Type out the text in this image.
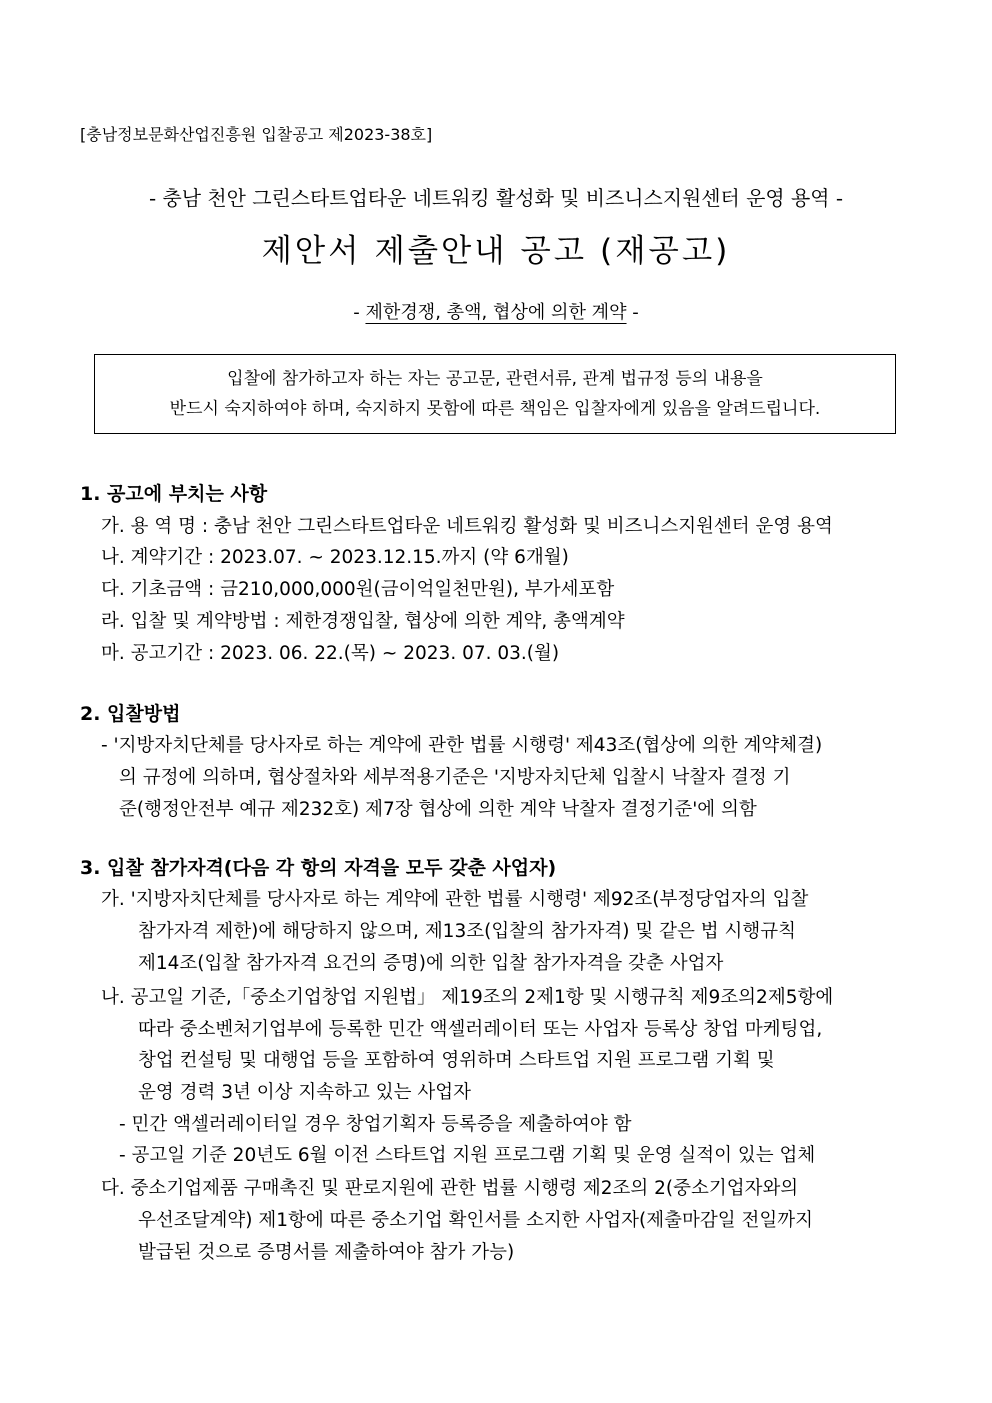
[충남정보문화산업진흥원 입찰공고 제2023-38호]
- 충남 천안 그린스타트업타운 네트워킹 활성화 및 비즈니스지원센터 운영 용역 -
제안서 제출안내 공고 (재공고)
- 제한경쟁, 총액, 협상에 의한 계약 -
입찰에 참가하고자 하는 자는 공고문, 관련서류, 관계 법규정 등의 내용을
반드시 숙지하여야 하며, 숙지하지 못함에 따른 책임은 입찰자에게 있음을 알려드립니다.
1. 공고에 부치는 사항
가. 용 역 명 : 충남 천안 그린스타트업타운 네트워킹 활성화 및 비즈니스지원센터 운영 용역
나. 계약기간 : 2023.07. ~ 2023.12.15.까지 (약 6개월)
다. 기초금액 : 금210,000,000원(금이억일천만원), 부가세포함
라. 입찰 및 계약방법 : 제한경쟁입찰, 협상에 의한 계약, 총액계약
마. 공고기간 : 2023. 06. 22.(목) ~ 2023. 07. 03.(월)
2. 입찰방법
- '지방자치단체를 당사자로 하는 계약에 관한 법률 시행령' 제43조(협상에 의한 계약체결)
의 규정에 의하며, 협상절차와 세부적용기준은 '지방자치단체 입찰시 낙찰자 결정 기
준(행정안전부 예규 제232호) 제7장 협상에 의한 계약 낙찰자 결정기준'에 의함
3. 입찰 참가자격(다음 각 항의 자격을 모두 갖춘 사업자)
가. '지방자치단체를 당사자로 하는 계약에 관한 법률 시행령' 제92조(부정당업자의 입찰
참가자격 제한)에 해당하지 않으며, 제13조(입찰의 참가자격) 및 같은 법 시행규칙
제14조(입찰 참가자격 요건의 증명)에 의한 입찰 참가자격을 갖춘 사업자
나. 공고일 기준,「중소기업창업 지원법」 제19조의 2제1항 및 시행규칙 제9조의2제5항에
따라 중소벤처기업부에 등록한 민간 액셀러레이터 또는 사업자 등록상 창업 마케팅업,
창업 컨설팅 및 대행업 등을 포함하여 영위하며 스타트업 지원 프로그램 기획 및
운영 경력 3년 이상 지속하고 있는 사업자
- 민간 액셀러레이터일 경우 창업기획자 등록증을 제출하여야 함
- 공고일 기준 20년도 6월 이전 스타트업 지원 프로그램 기획 및 운영 실적이 있는 업체
다. 중소기업제품 구매촉진 및 판로지원에 관한 법률 시행령 제2조의 2(중소기업자와의
우선조달계약) 제1항에 따른 중소기업 확인서를 소지한 사업자(제출마감일 전일까지
발급된 것으로 증명서를 제출하여야 참가 가능)
